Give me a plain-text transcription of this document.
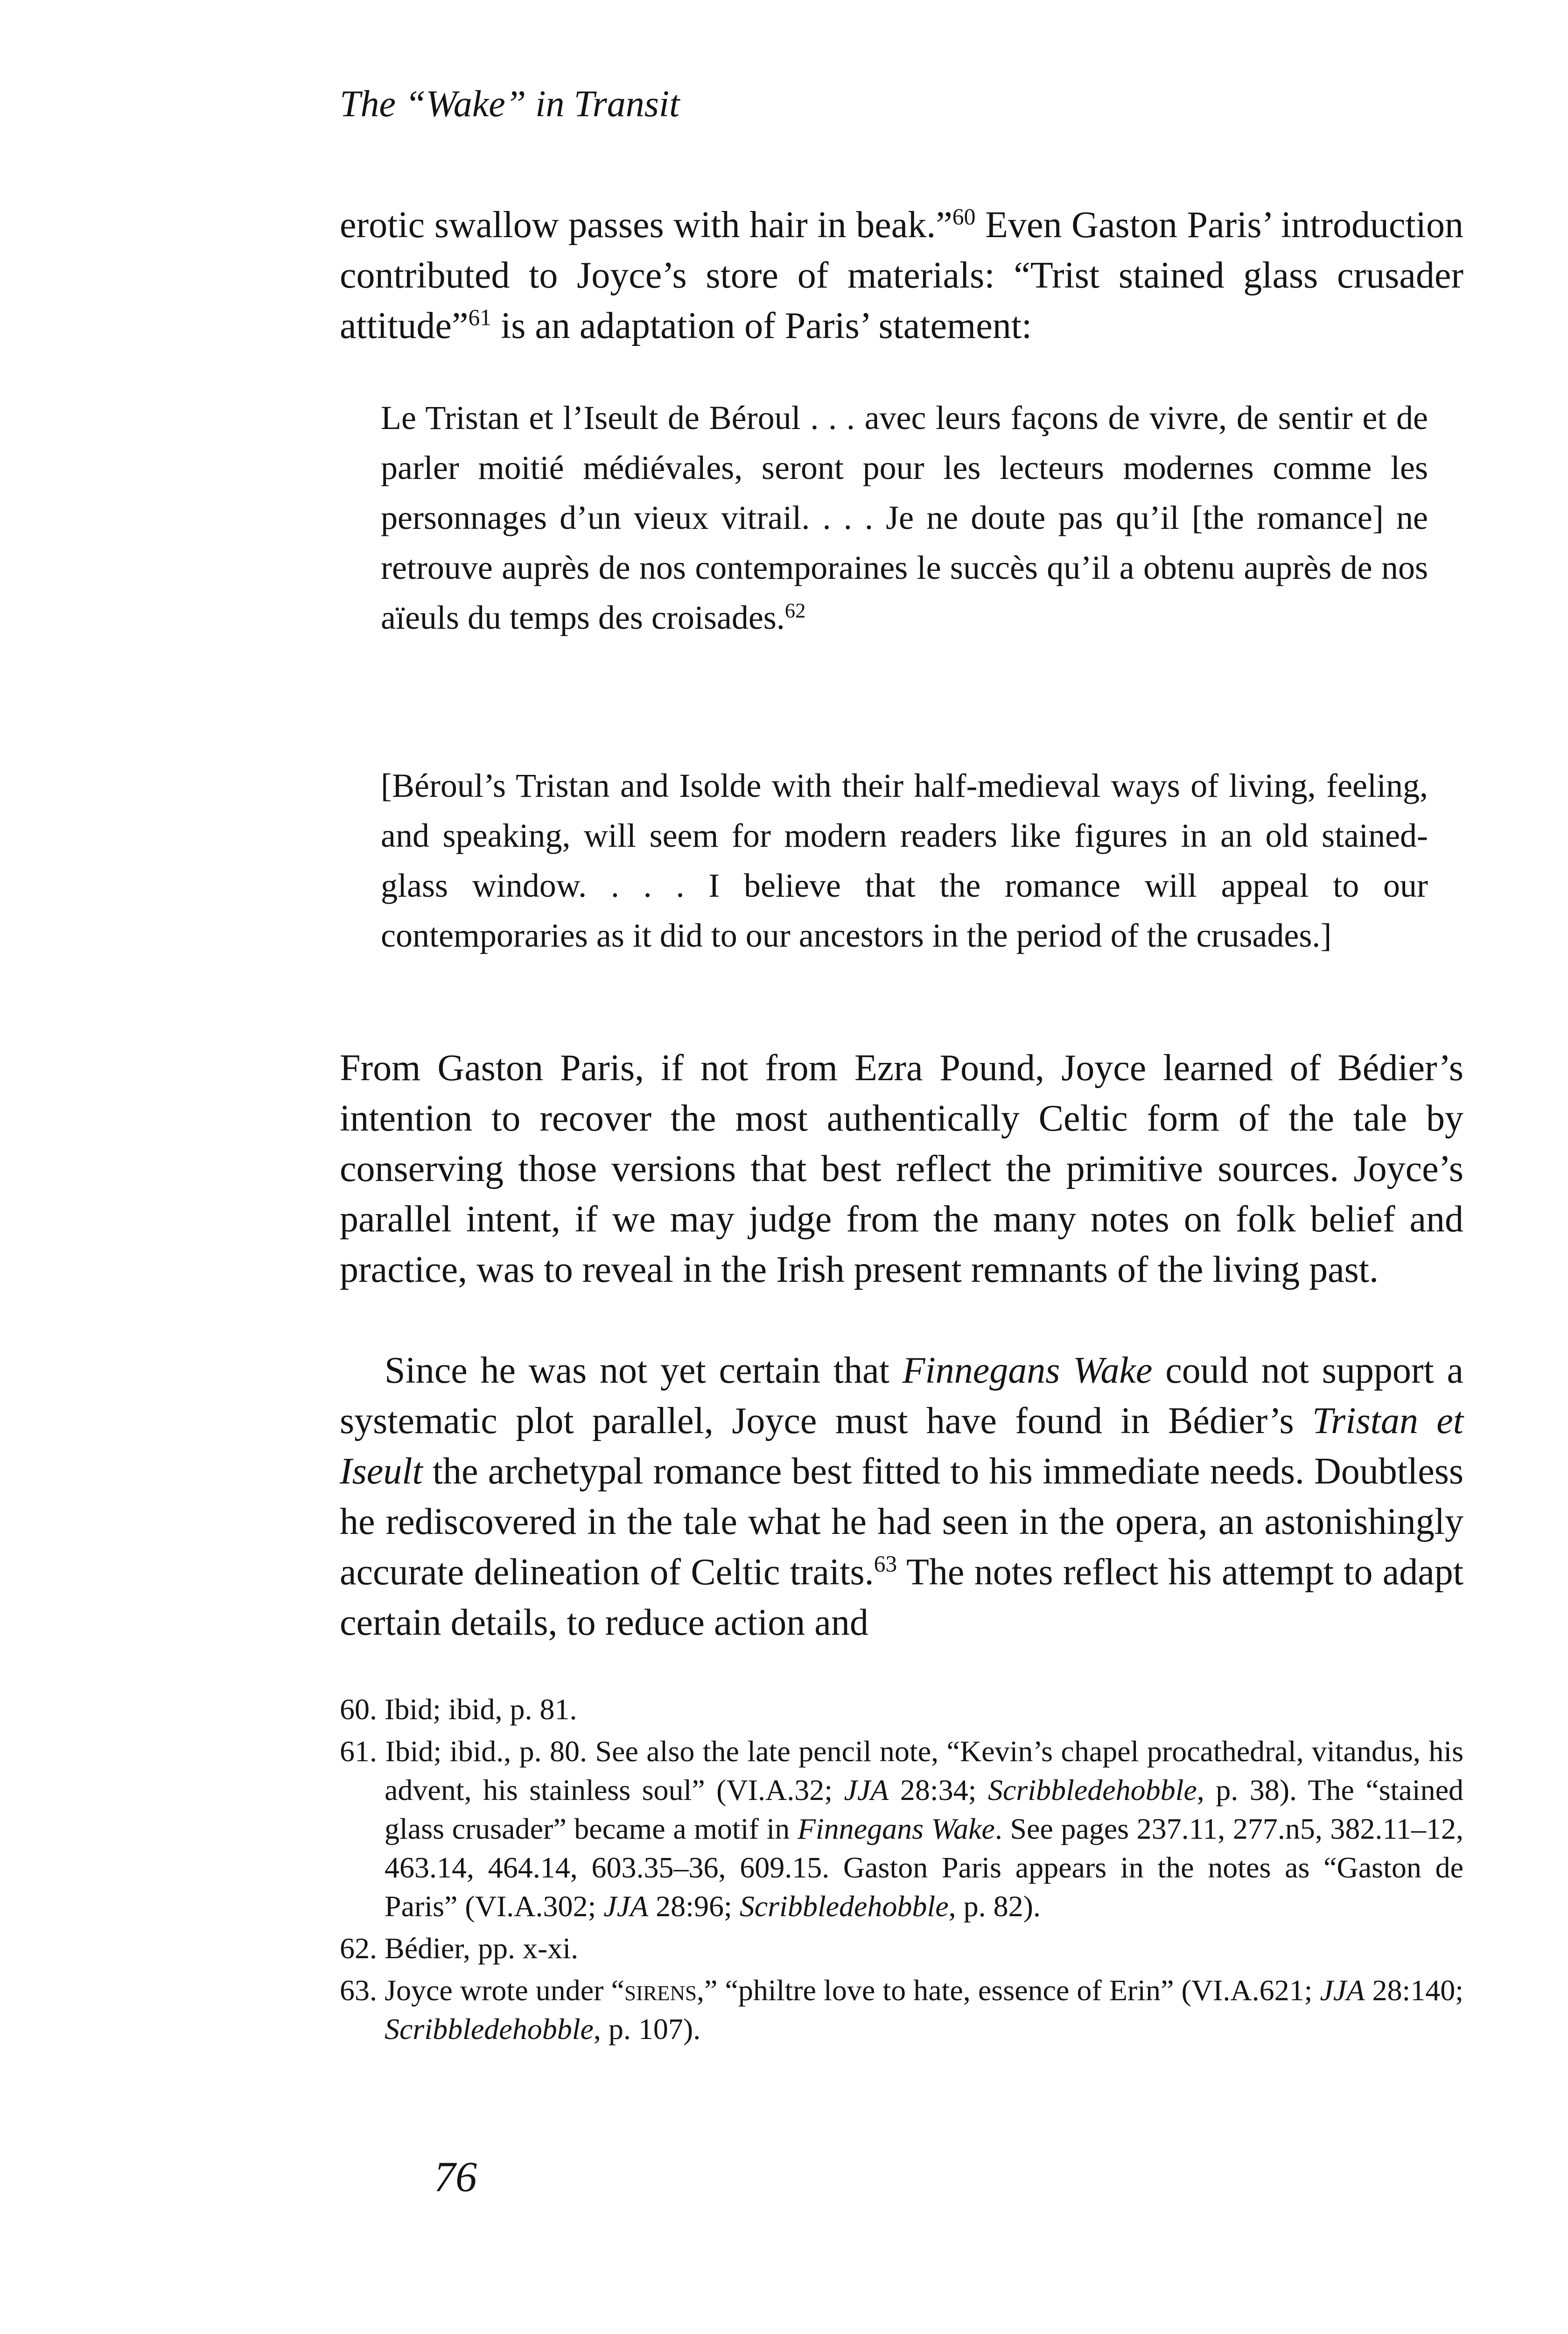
The “Wake” in Transit

erotic swallow passes with hair in beak.”$^{60}$ Even Gaston Paris’ introduction contributed to Joyce’s store of materials: “Trist stained glass crusader attitude”$^{61}$ is an adaptation of Paris’ statement:

Le Tristan et l’Iseult de Béroul . . . avec leurs façons de vivre, de sentir et de parler moitié médiévales, seront pour les lecteurs modernes comme les personnages d’un vieux vitrail. . . . Je ne doute pas qu’il [the romance] ne retrouve auprès de nos contemporaines le succès qu’il a obtenu auprès de nos aïeuls du temps des croisades.$^{62}$

[Béroul’s Tristan and Isolde with their half-medieval ways of living, feeling, and speaking, will seem for modern readers like figures in an old stained-glass window. . . . I believe that the romance will appeal to our contemporaries as it did to our ancestors in the period of the crusades.]

From Gaston Paris, if not from Ezra Pound, Joyce learned of Bédier’s intention to recover the most authentically Celtic form of the tale by conserving those versions that best reflect the primitive sources. Joyce’s parallel intent, if we may judge from the many notes on folk belief and practice, was to reveal in the Irish present remnants of the living past.

Since he was not yet certain that Finnegans Wake could not support a systematic plot parallel, Joyce must have found in Bédier’s Tristan et Iseult the archetypal romance best fitted to his immediate needs. Doubtless he rediscovered in the tale what he had seen in the opera, an astonishingly accurate delineation of Celtic traits.$^{63}$ The notes reflect his attempt to adapt certain details, to reduce action and

60. Ibid; ibid, p. 81.

61. Ibid; ibid., p. 80. See also the late pencil note, “Kevin’s chapel procathedral, vitandus, his advent, his stainless soul” (VI.A.32; JJA 28:34; Scribbledehobble, p. 38). The “stained glass crusader” became a motif in Finnegans Wake. See pages 237.11, 277.n5, 382.11–12, 463.14, 464.14, 603.35–36, 609.15. Gaston Paris appears in the notes as “Gaston de Paris” (VI.A.302; JJA 28:96; Scribbledehobble, p. 82).

62. Bédier, pp. x-xi.

63. Joyce wrote under “sirens,” “philtre love to hate, essence of Erin” (VI.A.621; JJA 28:140; Scribbledehobble, p. 107).

76
